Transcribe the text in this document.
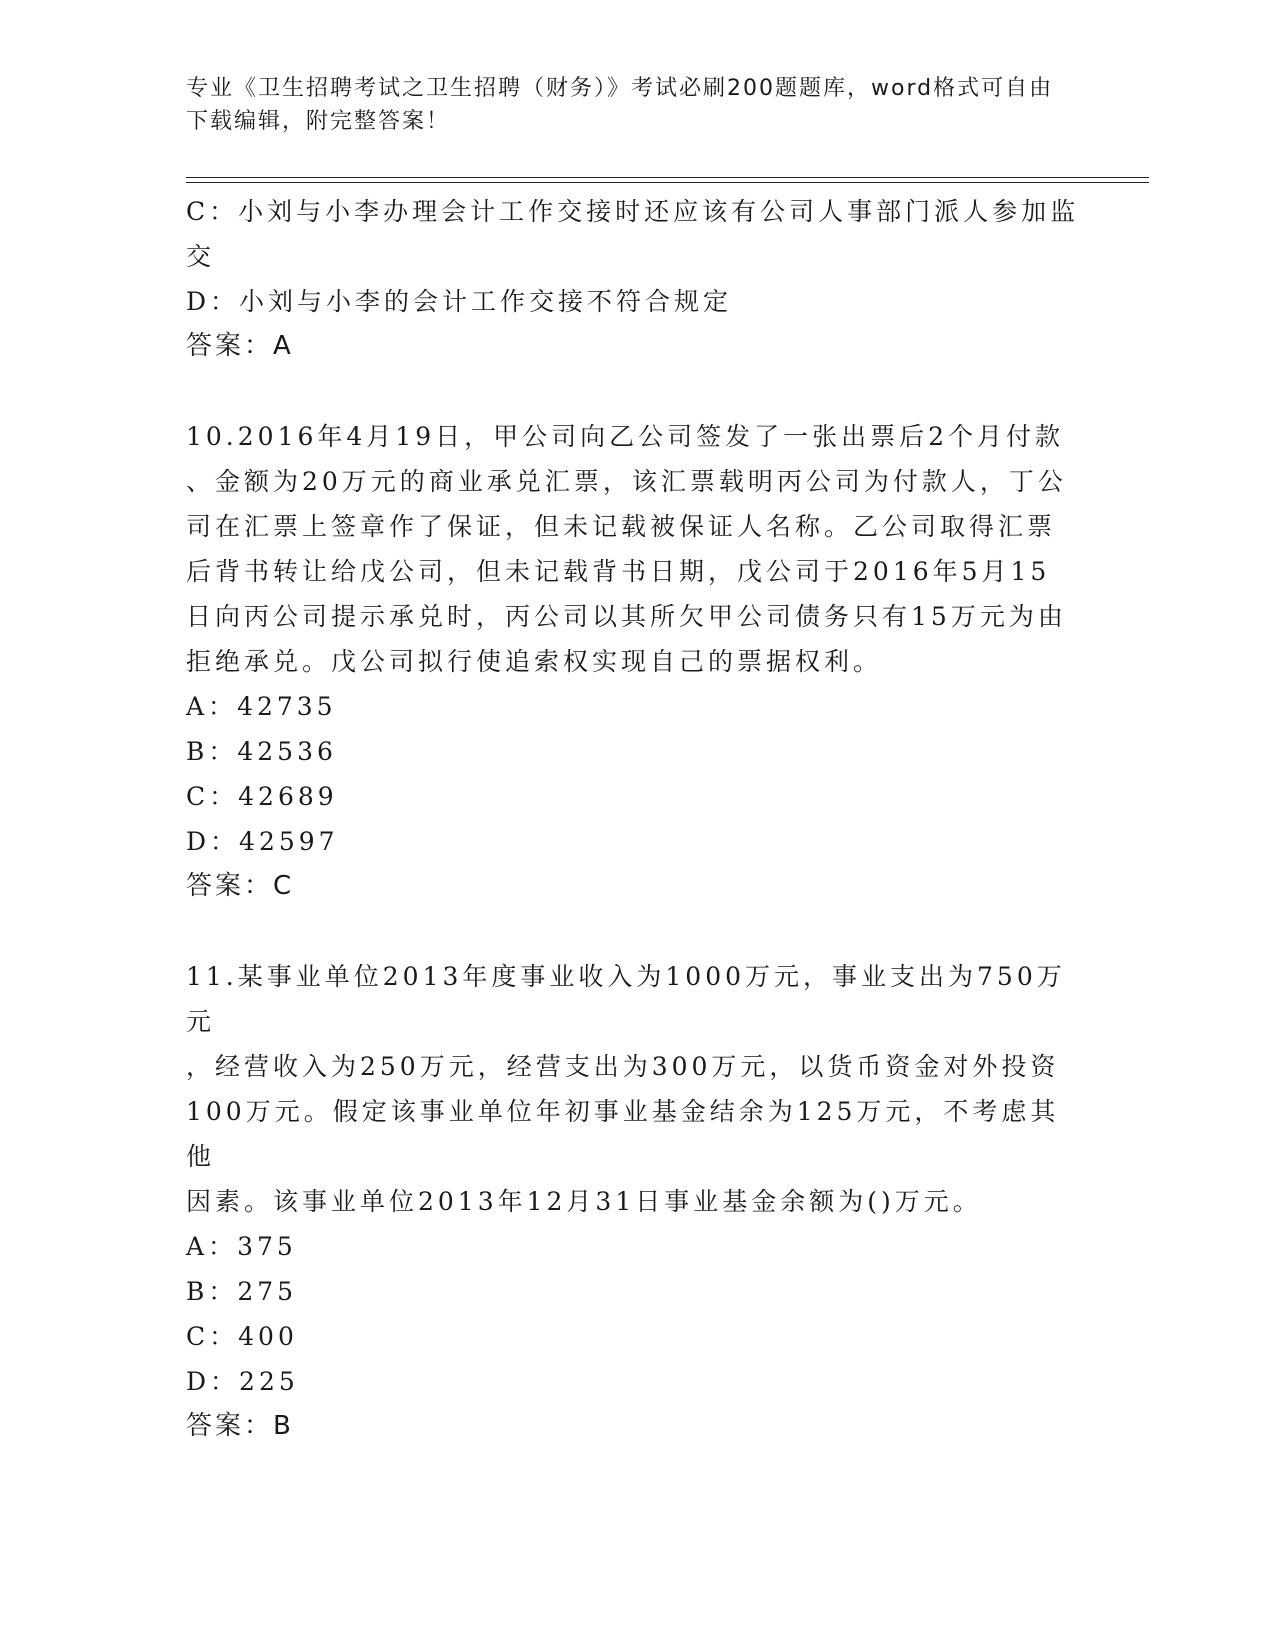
专业《卫生招聘考试之卫生招聘（财务）》考试必刷200题题库，word格式可自由下载编辑，附完整答案！
C：小刘与小李办理会计工作交接时还应该有公司人事部门派人参加监交
D：小刘与小李的会计工作交接不符合规定
答案：A
10.2016年4月19日，甲公司向乙公司签发了一张出票后2个月付款
、金额为20万元的商业承兑汇票，该汇票载明丙公司为付款人，丁公
司在汇票上签章作了保证，但未记载被保证人名称。乙公司取得汇票
后背书转让给戊公司，但未记载背书日期，戊公司于2016年5月15
日向丙公司提示承兑时，丙公司以其所欠甲公司债务只有15万元为由
拒绝承兑。戊公司拟行使追索权实现自己的票据权利。
A：42735
B：42536
C：42689
D：42597
答案：C
11.某事业单位2013年度事业收入为1000万元，事业支出为750万元
，经营收入为250万元，经营支出为300万元，以货币资金对外投资
100万元。假定该事业单位年初事业基金结余为125万元，不考虑其他
因素。该事业单位2013年12月31日事业基金余额为()万元。
A：375
B：275
C：400
D：225
答案：B
